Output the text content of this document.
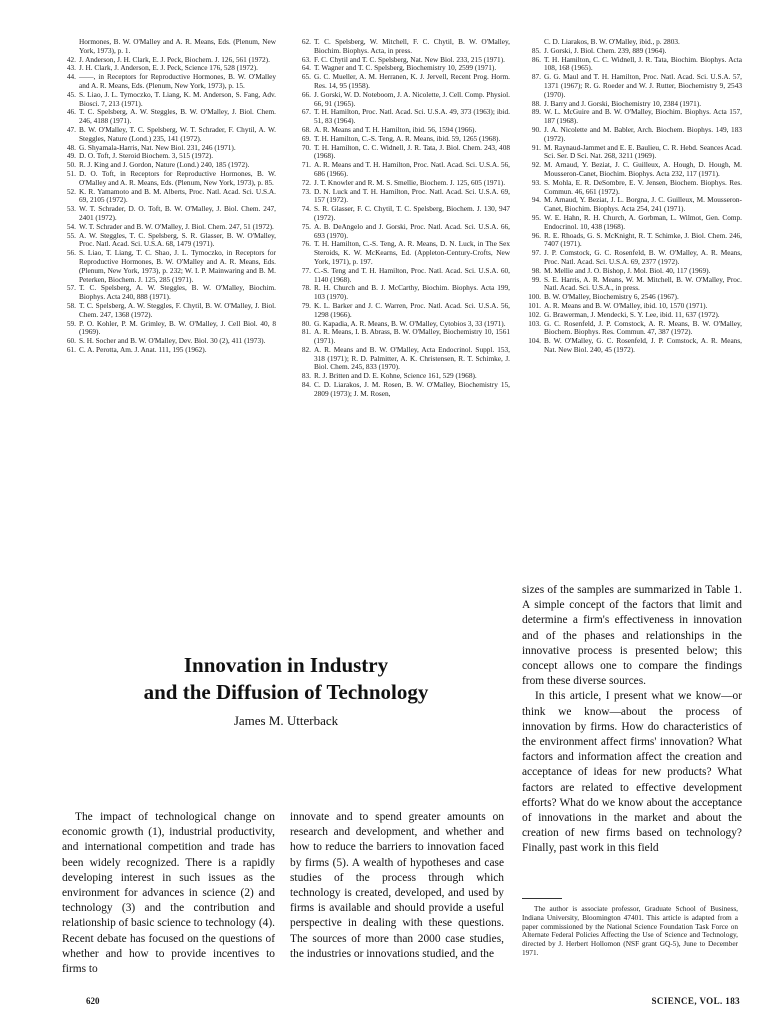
Hormones, B. W. O'Malley and A. R. Means, Eds. (Plenum, New York, 1973), p. 1.
42. J. Anderson, J. H. Clark, E. J. Peck, Biochem. J. 126, 561 (1972).
43. J. H. Clark, J. Anderson, E. J. Peck, Science 176, 528 (1972).
44. ——, in Receptors for Reproductive Hormones, B. W. O'Malley and A. R. Means, Eds. (Plenum, New York, 1973), p. 15.
45. S. Liao, J. L. Tymoczko, T. Liang, K. M. Anderson, S. Fang, Adv. Biosci. 7, 213 (1971).
46. T. C. Spelsberg, A. W. Steggles, B. W. O'Malley, J. Biol. Chem. 246, 4188 (1971).
47. B. W. O'Malley, T. C. Spelsberg, W. T. Schrader, F. Chytil, A. W. Steggles, Nature (Lond.) 235, 141 (1972).
48. G. Shyamala-Harris, Nat. New Biol. 231, 246 (1971).
49. D. O. Toft, J. Steroid Biochem. 3, 515 (1972).
50. R. J. King and J. Gordon, Nature (Lond.) 240, 185 (1972).
51. D. O. Toft, in Receptors for Reproductive Hormones, B. W. O'Malley and A. R. Means, Eds. (Plenum, New York, 1973), p. 85.
52. K. R. Yamamoto and B. M. Alberts, Proc. Natl. Acad. Sci. U.S.A. 69, 2105 (1972).
53. W. T. Schrader, D. O. Toft, B. W. O'Malley, J. Biol. Chem. 247, 2401 (1972).
54. W. T. Schrader and B. W. O'Malley, J. Biol. Chem. 247, 51 (1972).
55. A. W. Steggles, T. C. Spelsberg, S. R. Glasser, B. W. O'Malley, Proc. Natl. Acad. Sci. U.S.A. 68, 1479 (1971).
56. S. Liao, T. Liang, T. C. Shao, J. L. Tymoczko, in Receptors for Reproductive Hormones, B. W. O'Malley and A. R. Means, Eds. (Plenum, New York, 1973), p. 232; W. I. P. Mainwaring and B. M. Peterken, Biochem. J. 125, 285 (1971).
57. T. C. Spelsberg, A. W. Steggles, B. W. O'Malley, Biochim. Biophys. Acta 240, 888 (1971).
58. T. C. Spelsberg, A. W. Steggles, F. Chytil, B. W. O'Malley, J. Biol. Chem. 247, 1368 (1972).
59. P. O. Kohler, P. M. Grimley, B. W. O'Malley, J. Cell Biol. 40, 8 (1969).
60. S. H. Socher and B. W. O'Malley, Dev. Biol. 30 (2), 411 (1973).
61. C. A. Perotta, Am. J. Anat. 111, 195 (1962).
62. T. C. Spelsberg, W. Mitchell, F. C. Chytil, B. W. O'Malley, Biochim. Biophys. Acta, in press.
63. F. C. Chytil and T. C. Spelsberg, Nat. New Biol. 233, 215 (1971).
64. T. Wagner and T. C. Spelsberg, Biochemistry 10, 2599 (1971).
65. G. C. Mueller, A. M. Herranen, K. J. Jervell, Recent Prog. Horm. Res. 14, 95 (1958).
66. J. Gorski, W. D. Noteboom, J. A. Nicolette, J. Cell. Comp. Physiol. 66, 91 (1965).
67. T. H. Hamilton, Proc. Natl. Acad. Sci. U.S.A. 49, 373 (1963); ibid. 51, 83 (1964).
68. A. R. Means and T. H. Hamilton, ibid. 56, 1594 (1966).
69. T. H. Hamilton, C.-S. Teng, A. R. Means, ibid. 59, 1265 (1968).
70. T. H. Hamilton, C. C. Widnell, J. R. Tata, J. Biol. Chem. 243, 408 (1968).
71. A. R. Means and T. H. Hamilton, Proc. Natl. Acad. Sci. U.S.A. 56, 686 (1966).
72. J. T. Knowler and R. M. S. Smellie, Biochem. J. 125, 605 (1971).
73. D. N. Luck and T. H. Hamilton, Proc. Natl. Acad. Sci. U.S.A. 69, 157 (1972).
74. S. R. Glasser, F. C. Chytil, T. C. Spelsberg, Biochem. J. 130, 947 (1972).
75. A. B. DeAngelo and J. Gorski, Proc. Natl. Acad. Sci. U.S.A. 66, 693 (1970).
76. T. H. Hamilton, C.-S. Teng, A. R. Means, D. N. Luck, in The Sex Steroids, K. W. McKearns, Ed. (Appleton-Century-Crofts, New York, 1971), p. 197.
77. C.-S. Teng and T. H. Hamilton, Proc. Natl. Acad. Sci. U.S.A. 60, 1140 (1968).
78. R. H. Church and B. J. McCarthy, Biochim. Biophys. Acta 199, 103 (1970).
79. K. L. Barker and J. C. Warren, Proc. Natl. Acad. Sci. U.S.A. 56, 1298 (1966).
80. G. Kapadia, A. R. Means, B. W. O'Malley, Cytobios 3, 33 (1971).
81. A. R. Means, I. B. Abrass, B. W. O'Malley, Biochemistry 10, 1561 (1971).
82. A. R. Means and B. W. O'Malley, Acta Endocrinol. Suppl. 153, 318 (1971); R. D. Palmitter, A. K. Christensen, R. T. Schimke, J. Biol. Chem. 245, 833 (1970).
83. R. J. Britten and D. E. Kohne, Science 161, 529 (1968).
84. C. D. Liarakos, J. M. Rosen, B. W. O'Malley, Biochemistry 15, 2809 (1973); J. M. Rosen,

C. D. Liarakos, B. W. O'Malley, ibid., p. 2803.

85. J. Gorski, J. Biol. Chem. 239, 889 (1964).
86. T. H. Hamilton, C. C. Widnell, J. R. Tata, Biochim. Biophys. Acta 108, 168 (1965).
87. G. G. Maul and T. H. Hamilton, Proc. Natl. Acad. Sci. U.S.A. 57, 1371 (1967); R. G. Roeder and W. J. Rutter, Biochemistry 9, 2543 (1970).
88. J. Barry and J. Gorski, Biochemistry 10, 2384 (1971).
89. W. L. McGuire and B. W. O'Malley, Biochim. Biophys. Acta 157, 187 (1968).
90. J. A. Nicolette and M. Babler, Arch. Biochem. Biophys. 149, 183 (1972).
91. M. Raynaud-Jammet and E. E. Baulieu, C. R. Hebd. Seances Acad. Sci. Ser. D Sci. Nat. 268, 3211 (1969).
92. M. Arnaud, Y. Beziat, J. C. Guilleux, A. Hough, D. Hough, M. Mousseron-Canet, Biochim. Biophys. Acta 232, 117 (1971).
93. S. Mohla, E. R. DeSombre, E. V. Jensen, Biochem. Biophys. Res. Commun. 46, 661 (1972).
94. M. Arnaud, Y. Beziat, J. L. Borgna, J. C. Guilleux, M. Mousseron-Canet, Biochim. Biophys. Acta 254, 241 (1971).
95. W. E. Hahn, R. H. Church, A. Gorbman, L. Wilmot, Gen. Comp. Endocrinol. 10, 438 (1968).
96. R. E. Rhoads, G. S. McKnight, R. T. Schimke, J. Biol. Chem. 246, 7407 (1971).
97. J. P. Comstock, G. C. Rosenfeld, B. W. O'Malley, A. R. Means, Proc. Natl. Acad. Sci. U.S.A. 69, 2377 (1972).
98. M. Mellie and J. O. Bishop, J. Mol. Biol. 40, 117 (1969).
99. S. E. Harris, A. R. Means, W. M. Mitchell, B. W. O'Malley, Proc. Natl. Acad. Sci. U.S.A., in press.
100. B. W. O'Malley, Biochemistry 6, 2546 (1967).
101. A. R. Means and B. W. O'Malley, ibid. 10, 1570 (1971).
102. G. Brawerman, J. Mendecki, S. Y. Lee, ibid. 11, 637 (1972).
103. G. C. Rosenfeld, J. P. Comstock, A. R. Means, B. W. O'Malley, Biochem. Biophys. Res. Commun. 47, 387 (1972).
104. B. W. O'Malley, G. C. Rosenfeld, J. P. Comstock, A. R. Means, Nat. New Biol. 240, 45 (1972).
Innovation in Industry
and the Diffusion of Technology

James M. Utterback

The impact of technological change on economic growth (1), industrial productivity, and international competition and trade has been widely recognized. There is a rapidly developing interest in such issues as the environment for advances in science (2) and technology (3) and the contribution and relationship of basic science to technology (4). Recent debate has focused on the questions of whether and how to provide incentives to firms to

innovate and to spend greater amounts on research and development, and whether and how to reduce the barriers to innovation faced by firms (5). A wealth of hypotheses and case studies of the process through which technology is created, developed, and used by firms is available and should provide a useful perspective in dealing with these questions. The sources of more than 2000 case studies, the industries or innovations studied, and the

sizes of the samples are summarized in Table 1. A simple concept of the factors that limit and determine a firm's effectiveness in innovation and of the phases and relationships in the innovative process is presented below; this concept allows one to compare the findings from these diverse sources.

In this article, I present what we know—or think we know—about the process of innovation by firms. How do characteristics of the environment affect firms' innovation? What factors and information affect the creation and acceptance of ideas for new products? What factors are related to effective development efforts? What do we know about the acceptance of innovations in the market and about the creation of new firms based on technology? Finally, past work in this field

The author is associate professor, Graduate School of Business, Indiana University, Bloomington 47401. This article is adapted from a paper commissioned by the National Science Foundation Task Force on Alternate Federal Policies Affecting the Use of Science and Technology, directed by J. Herbert Hollomon (NSF grant GQ-5), June to December 1971.

620	SCIENCE, VOL. 183
